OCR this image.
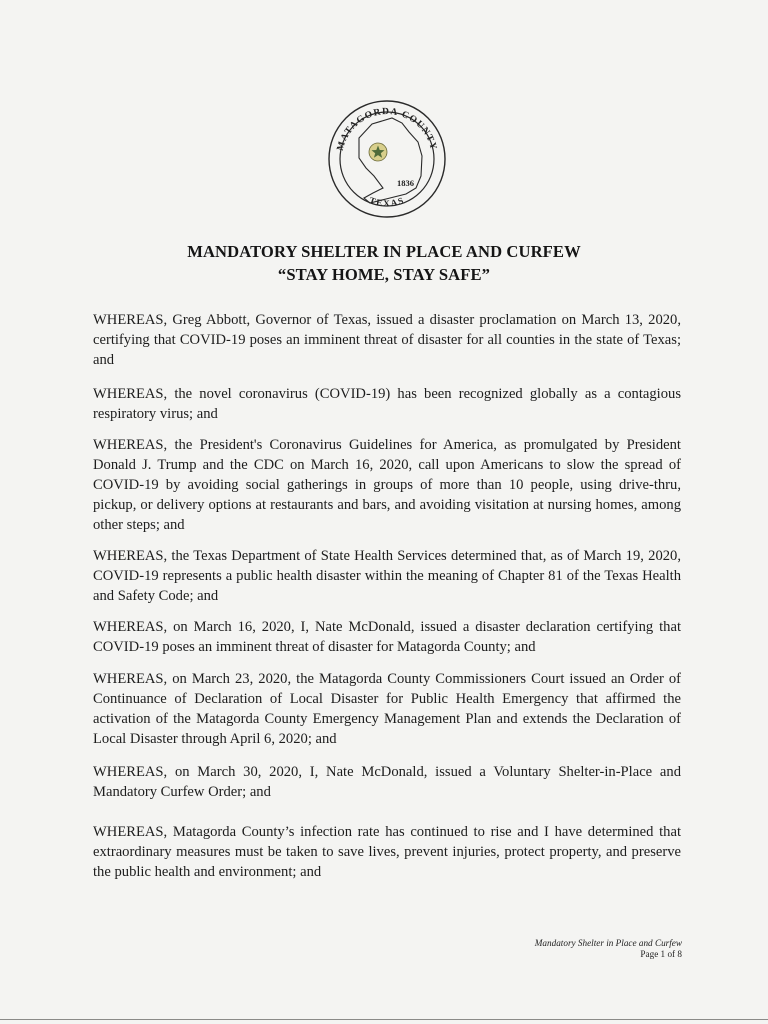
MATAGORDA COUNTY
1836
TEXAS
MANDATORY SHELTER IN PLACE AND CURFEW
“STAY HOME, STAY SAFE”

WHEREAS, Greg Abbott, Governor of Texas, issued a disaster proclamation on March 13, 2020, certifying that COVID-19 poses an imminent threat of disaster for all counties in the state of Texas; and

WHEREAS, the novel coronavirus (COVID-19) has been recognized globally as a contagious respiratory virus; and

WHEREAS, the President's Coronavirus Guidelines for America, as promulgated by President Donald J. Trump and the CDC on March 16, 2020, call upon Americans to slow the spread of COVID-19 by avoiding social gatherings in groups of more than 10 people, using drive-thru, pickup, or delivery options at restaurants and bars, and avoiding visitation at nursing homes, among other steps; and

WHEREAS, the Texas Department of State Health Services determined that, as of March 19, 2020, COVID-19 represents a public health disaster within the meaning of Chapter 81 of the Texas Health and Safety Code; and

WHEREAS, on March 16, 2020, I, Nate McDonald, issued a disaster declaration certifying that COVID-19 poses an imminent threat of disaster for Matagorda County; and

WHEREAS, on March 23, 2020, the Matagorda County Commissioners Court issued an Order of Continuance of Declaration of Local Disaster for Public Health Emergency that affirmed the activation of the Matagorda County Emergency Management Plan and extends the Declaration of Local Disaster through April 6, 2020; and

WHEREAS, on March 30, 2020, I, Nate McDonald, issued a Voluntary Shelter-in-Place and Mandatory Curfew Order; and

WHEREAS, Matagorda County’s infection rate has continued to rise and I have determined that extraordinary measures must be taken to save lives, prevent injuries, protect property, and preserve the public health and environment; and

Mandatory Shelter in Place and Curfew
Page 1 of 8
